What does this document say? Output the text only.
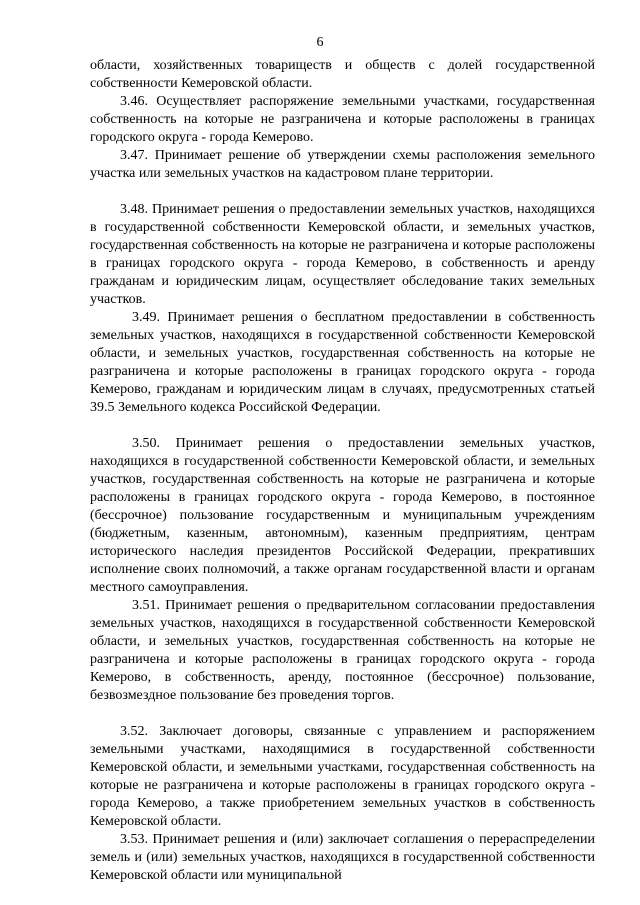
6

области, хозяйственных товариществ и обществ с долей государственной собственности Кемеровской области.

3.46. Осуществляет распоряжение земельными участками, государственная собственность на которые не разграничена и которые расположены в границах городского округа - города Кемерово.

3.47. Принимает решение об утверждении схемы расположения земельного участка или земельных участков на кадастровом плане территории.

3.48. Принимает решения о предоставлении земельных участков, находящихся в государственной собственности Кемеровской области, и земельных участков, государственная собственность на которые не разграничена и которые расположены в границах городского округа - города Кемерово, в собственность и аренду гражданам и юридическим лицам, осуществляет обследование таких земельных участков.

3.49. Принимает решения о бесплатном предоставлении в собственность земельных участков, находящихся в государственной собственности Кемеровской области, и земельных участков, государственная собственность на которые не разграничена и которые расположены в границах городского округа - города Кемерово, гражданам и юридическим лицам в случаях, предусмотренных статьей 39.5 Земельного кодекса Российской Федерации.

3.50. Принимает решения о предоставлении земельных участков, находящихся в государственной собственности Кемеровской области, и земельных участков, государственная собственность на которые не разграничена и которые расположены в границах городского округа - города Кемерово, в постоянное (бессрочное) пользование государственным и муниципальным учреждениям (бюджетным, казенным, автономным), казенным предприятиям, центрам исторического наследия президентов Российской Федерации, прекративших исполнение своих полномочий, а также органам государственной власти и органам местного самоуправления.

3.51. Принимает решения о предварительном согласовании предоставления земельных участков, находящихся в государственной собственности Кемеровской области, и земельных участков, государственная собственность на которые не разграничена и которые расположены в границах городского округа - города Кемерово, в собственность, аренду, постоянное (бессрочное) пользование, безвозмездное пользование без проведения торгов.

3.52. Заключает договоры, связанные с управлением и распоряжением земельными участками, находящимися в государственной собственности Кемеровской области, и земельными участками, государственная собственность на которые не разграничена и которые расположены в границах городского округа - города Кемерово, а также приобретением земельных участков в собственность Кемеровской области.

3.53. Принимает решения и (или) заключает соглашения о перераспределении земель и (или) земельных участков, находящихся в государственной собственности Кемеровской области или муниципальной
